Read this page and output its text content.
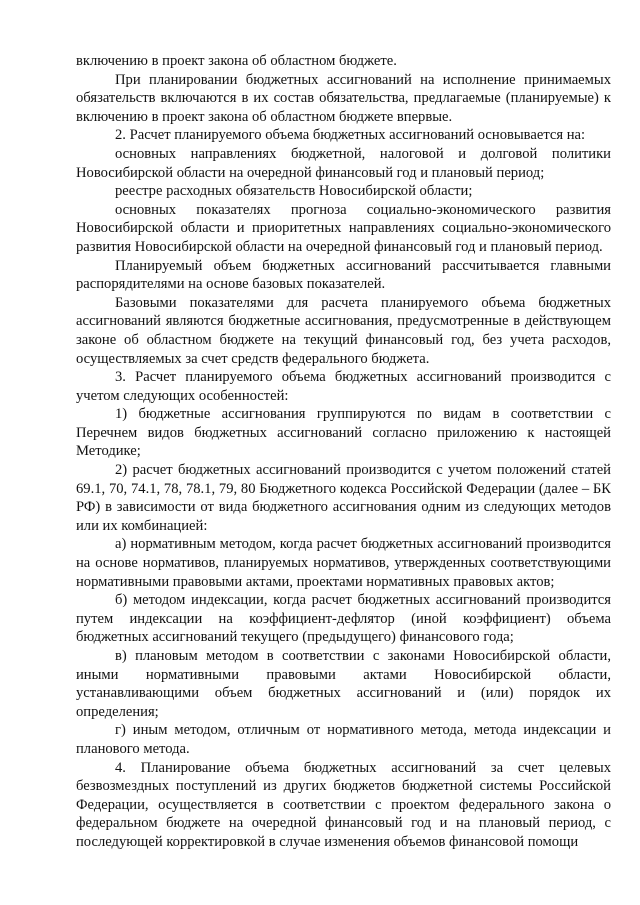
включению в проект закона об областном бюджете.

При планировании бюджетных ассигнований на исполнение принимаемых обязательств включаются в их состав обязательства, предлагаемые (планируемые) к включению в проект закона об областном бюджете впервые.

2. Расчет планируемого объема бюджетных ассигнований основывается на:

основных направлениях бюджетной, налоговой и долговой политики Новосибирской области на очередной финансовый год и плановый период;

реестре расходных обязательств Новосибирской области;

основных показателях прогноза социально-экономического развития Новосибирской области и приоритетных направлениях социально-экономического развития Новосибирской области на очередной финансовый год и плановый период.

Планируемый объем бюджетных ассигнований рассчитывается главными распорядителями на основе базовых показателей.

Базовыми показателями для расчета планируемого объема бюджетных ассигнований являются бюджетные ассигнования, предусмотренные в действующем законе об областном бюджете на текущий финансовый год, без учета расходов, осуществляемых за счет средств федерального бюджета.

3. Расчет планируемого объема бюджетных ассигнований производится с учетом следующих особенностей:

1) бюджетные ассигнования группируются по видам в соответствии с Перечнем видов бюджетных ассигнований согласно приложению к настоящей Методике;

2) расчет бюджетных ассигнований производится с учетом положений статей 69.1, 70, 74.1, 78, 78.1, 79, 80 Бюджетного кодекса Российской Федерации (далее – БК РФ) в зависимости от вида бюджетного ассигнования одним из следующих методов или их комбинацией:

а) нормативным методом, когда расчет бюджетных ассигнований производится на основе нормативов, планируемых нормативов, утвержденных соответствующими нормативными правовыми актами, проектами нормативных правовых актов;

б) методом индексации, когда расчет бюджетных ассигнований производится путем индексации на коэффициент-дефлятор (иной коэффициент) объема бюджетных ассигнований текущего (предыдущего) финансового года;

в) плановым методом в соответствии с законами Новосибирской области, иными нормативными правовыми актами Новосибирской области, устанавливающими объем бюджетных ассигнований и (или) порядок их определения;

г) иным методом, отличным от нормативного метода, метода индексации и планового метода.

4. Планирование объема бюджетных ассигнований за счет целевых безвозмездных поступлений из других бюджетов бюджетной системы Российской Федерации, осуществляется в соответствии с проектом федерального закона о федеральном бюджете на очередной финансовый год и на плановый период, с последующей корректировкой в случае изменения объемов финансовой помощи
